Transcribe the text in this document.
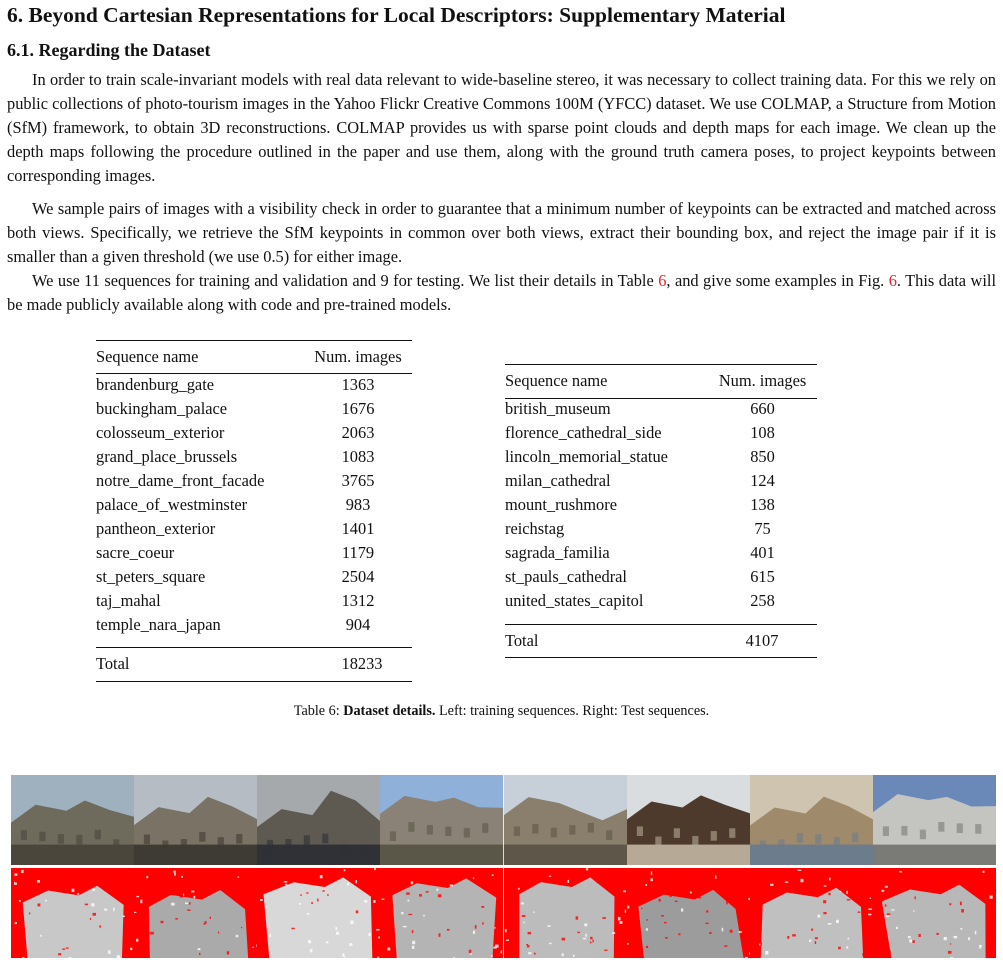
6. Beyond Cartesian Representations for Local Descriptors: Supplementary Material
6.1. Regarding the Dataset

In order to train scale-invariant models with real data relevant to wide-baseline stereo, it was necessary to collect training data. For this we rely on public collections of photo-tourism images in the Yahoo Flickr Creative Commons 100M (YFCC) dataset. We use COLMAP, a Structure from Motion (SfM) framework, to obtain 3D reconstructions. COLMAP provides us with sparse point clouds and depth maps for each image. We clean up the depth maps following the procedure outlined in the paper and use them, along with the ground truth camera poses, to project keypoints between corresponding images.

We sample pairs of images with a visibility check in order to guarantee that a minimum number of keypoints can be extracted and matched across both views. Specifically, we retrieve the SfM keypoints in common over both views, extract their bounding box, and reject the image pair if it is smaller than a given threshold (we use 0.5) for either image.

We use 11 sequences for training and validation and 9 for testing. We list their details in Table 6, and give some examples in Fig. 6. This data will be made publicly available along with code and pre-trained models.

Sequence name	Num. images
brandenburg_gate	1363
buckingham_palace	1676
colosseum_exterior	2063
grand_place_brussels	1083
notre_dame_front_facade	3765
palace_of_westminster	983
pantheon_exterior	1401
sacre_coeur	1179
st_peters_square	2504
taj_mahal	1312
temple_nara_japan	904
Total	18233
Sequence name	Num. images
british_museum	660
florence_cathedral_side	108
lincoln_memorial_statue	850
milan_cathedral	124
mount_rushmore	138
reichstag	75
sagrada_familia	401
st_pauls_cathedral	615
united_states_capitol	258
Total	4107
Table 6: Dataset details. Left: training sequences. Right: Test sequences.
